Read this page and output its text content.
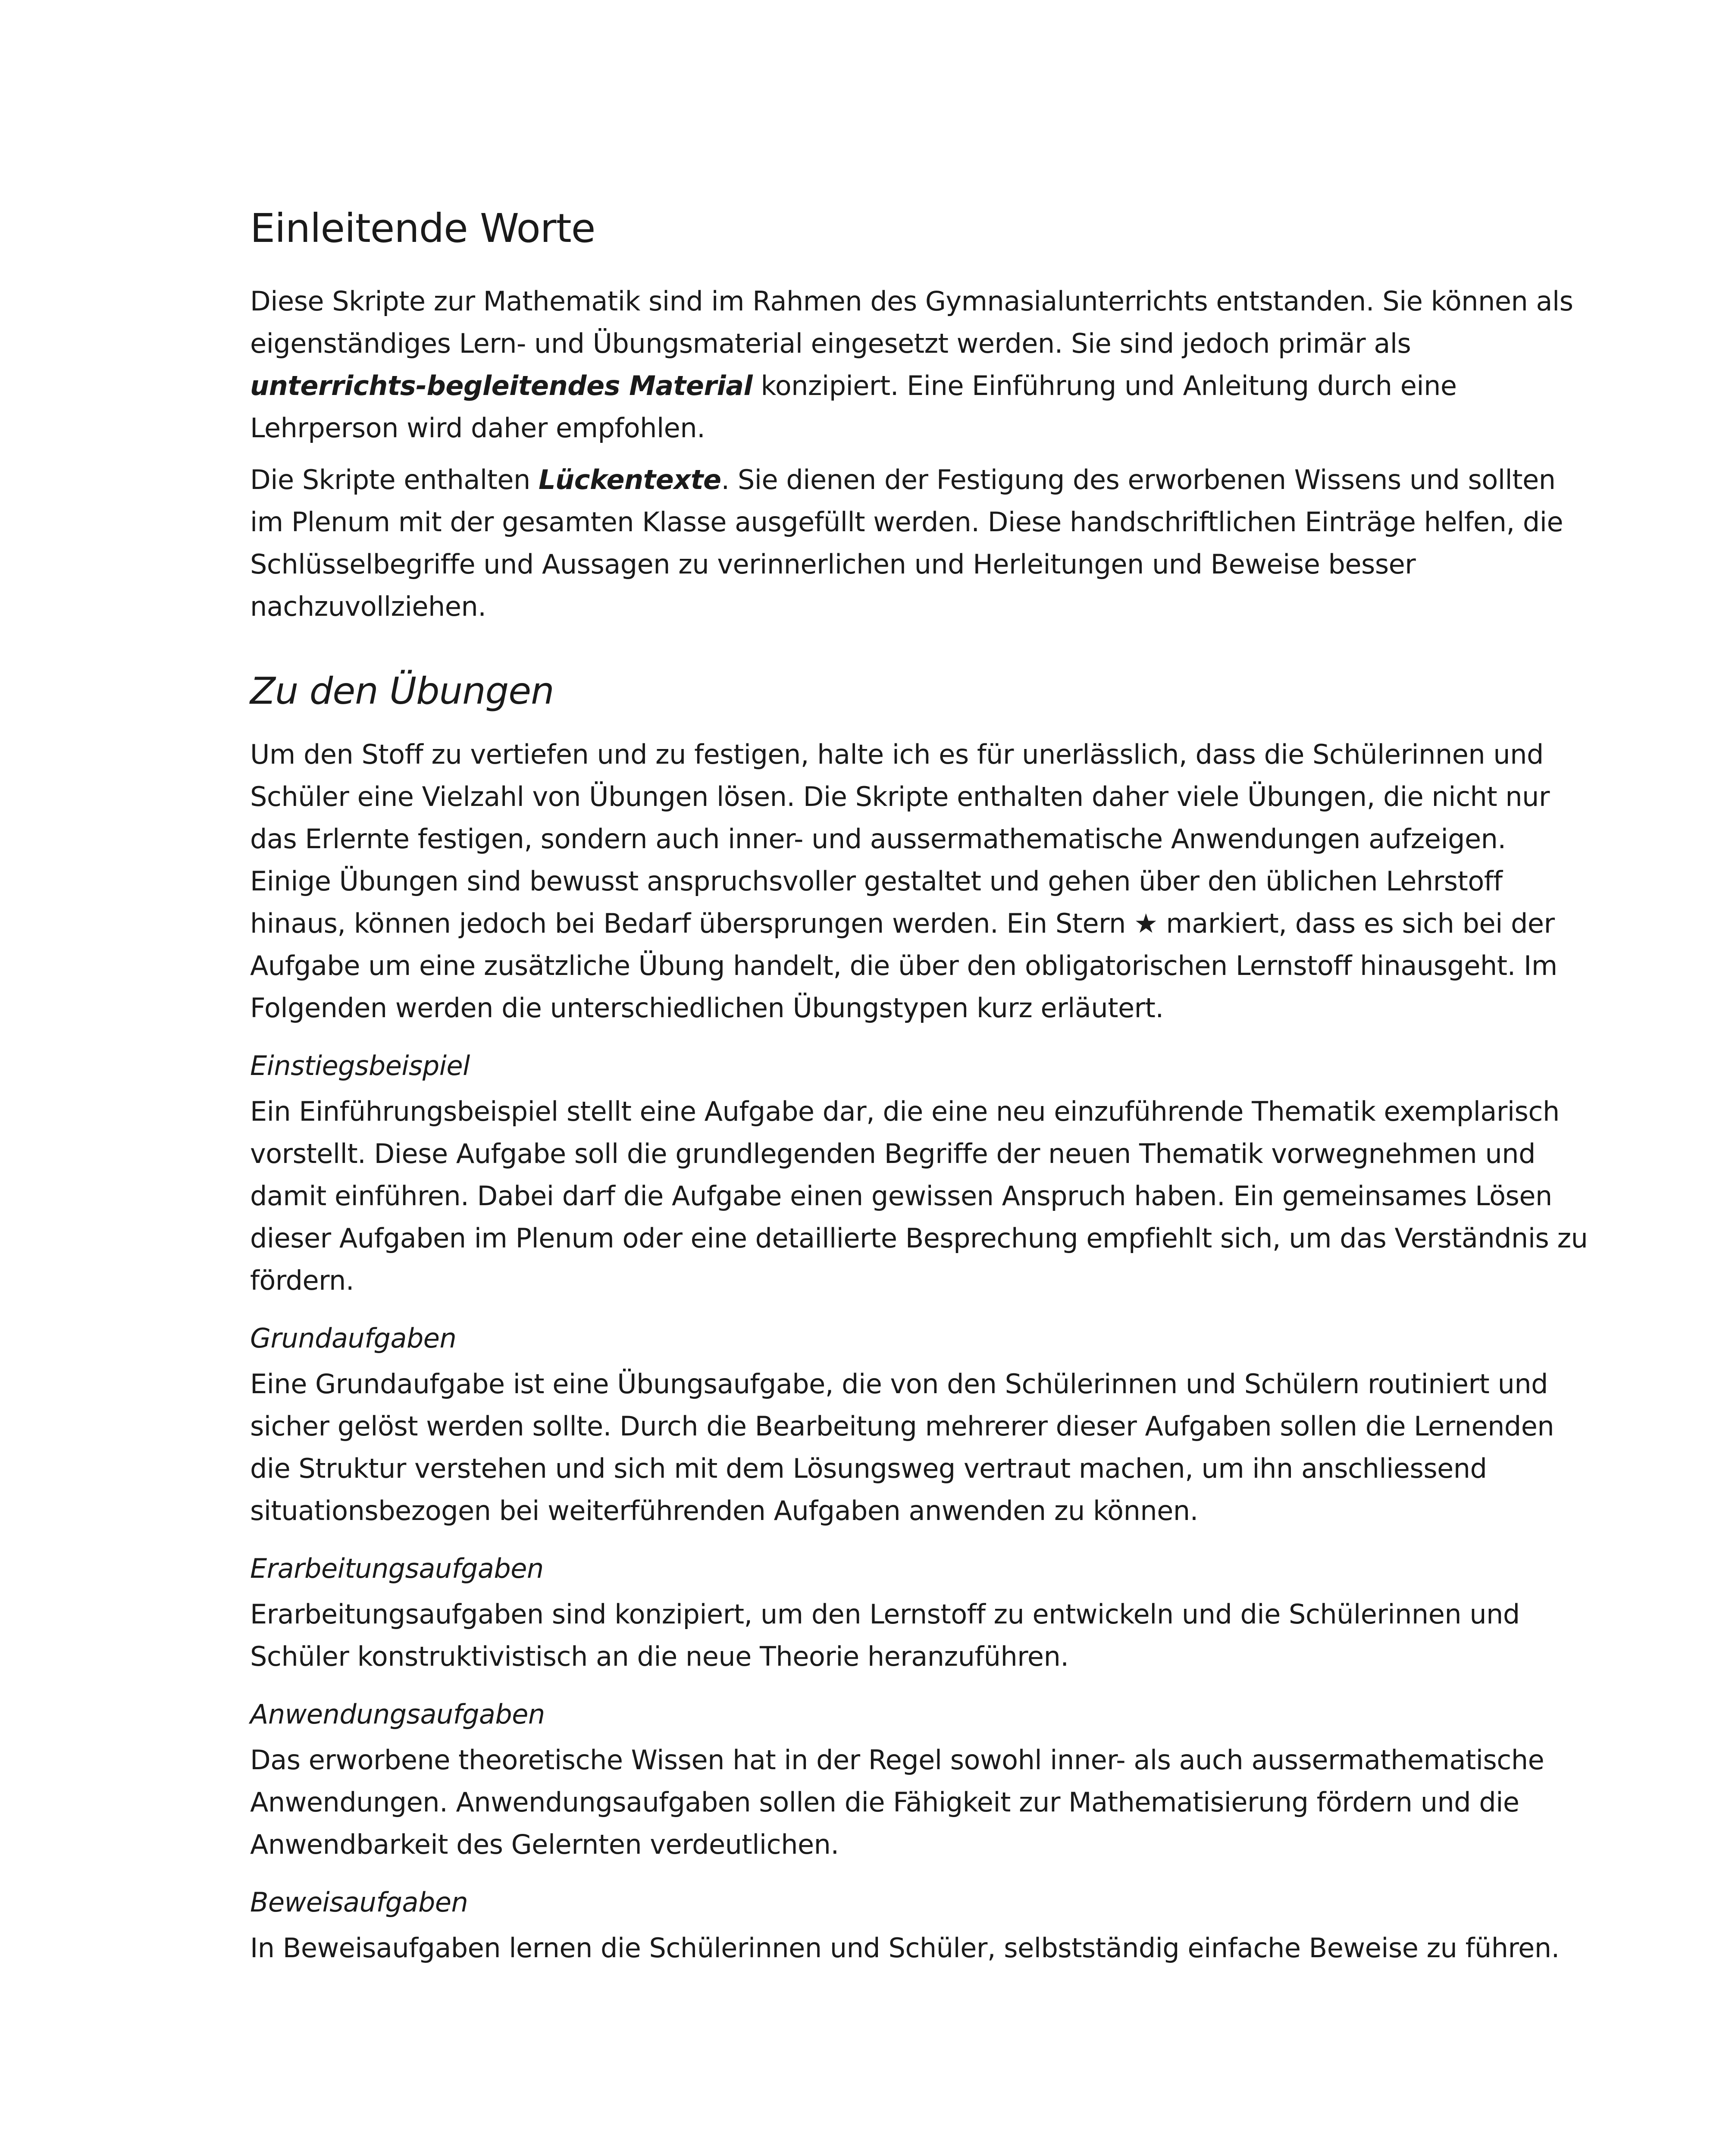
Einleitende Worte

Diese Skripte zur Mathematik sind im Rahmen des Gymnasialunterrichts entstanden. Sie können als eigenständiges Lern- und Übungsmaterial eingesetzt werden. Sie sind jedoch primär als unterrichts-begleitendes Material konzipiert. Eine Einführung und Anleitung durch eine Lehrperson wird daher empfohlen.

Die Skripte enthalten Lückentexte. Sie dienen der Festigung des erworbenen Wissens und sollten im Plenum mit der gesamten Klasse ausgefüllt werden. Diese handschriftlichen Einträge helfen, die Schlüsselbegriffe und Aussagen zu verinnerlichen und Herleitungen und Beweise besser nachzuvollziehen.

Zu den Übungen

Um den Stoff zu vertiefen und zu festigen, halte ich es für unerlässlich, dass die Schülerinnen und Schüler eine Vielzahl von Übungen lösen. Die Skripte enthalten daher viele Übungen, die nicht nur das Erlernte festigen, sondern auch inner- und aussermathematische Anwendungen aufzeigen. Einige Übungen sind bewusst anspruchsvoller gestaltet und gehen über den üblichen Lehrstoff hinaus, können jedoch bei Bedarf übersprungen werden. Ein Stern ★ markiert, dass es sich bei der Aufgabe um eine zusätzliche Übung handelt, die über den obligatorischen Lernstoff hinausgeht. Im Folgenden werden die unterschiedlichen Übungstypen kurz erläutert.

Einstiegsbeispiel

Ein Einführungsbeispiel stellt eine Aufgabe dar, die eine neu einzuführende Thematik exemplarisch vorstellt. Diese Aufgabe soll die grundlegenden Begriffe der neuen Thematik vorwegnehmen und damit einführen. Dabei darf die Aufgabe einen gewissen Anspruch haben. Ein gemeinsames Lösen dieser Aufgaben im Plenum oder eine detaillierte Besprechung empfiehlt sich, um das Verständnis zu fördern.

Grundaufgaben

Eine Grundaufgabe ist eine Übungsaufgabe, die von den Schülerinnen und Schülern routiniert und sicher gelöst werden sollte. Durch die Bearbeitung mehrerer dieser Aufgaben sollen die Lernenden die Struktur verstehen und sich mit dem Lösungsweg vertraut machen, um ihn anschliessend situationsbezogen bei weiterführenden Aufgaben anwenden zu können.

Erarbeitungsaufgaben

Erarbeitungsaufgaben sind konzipiert, um den Lernstoff zu entwickeln und die Schülerinnen und Schüler konstruktivistisch an die neue Theorie heranzuführen.

Anwendungsaufgaben

Das erworbene theoretische Wissen hat in der Regel sowohl inner- als auch aussermathematische Anwendungen. Anwendungsaufgaben sollen die Fähigkeit zur Mathematisierung fördern und die Anwendbarkeit des Gelernten verdeutlichen.

Beweisaufgaben

In Beweisaufgaben lernen die Schülerinnen und Schüler, selbstständig einfache Beweise zu führen.
